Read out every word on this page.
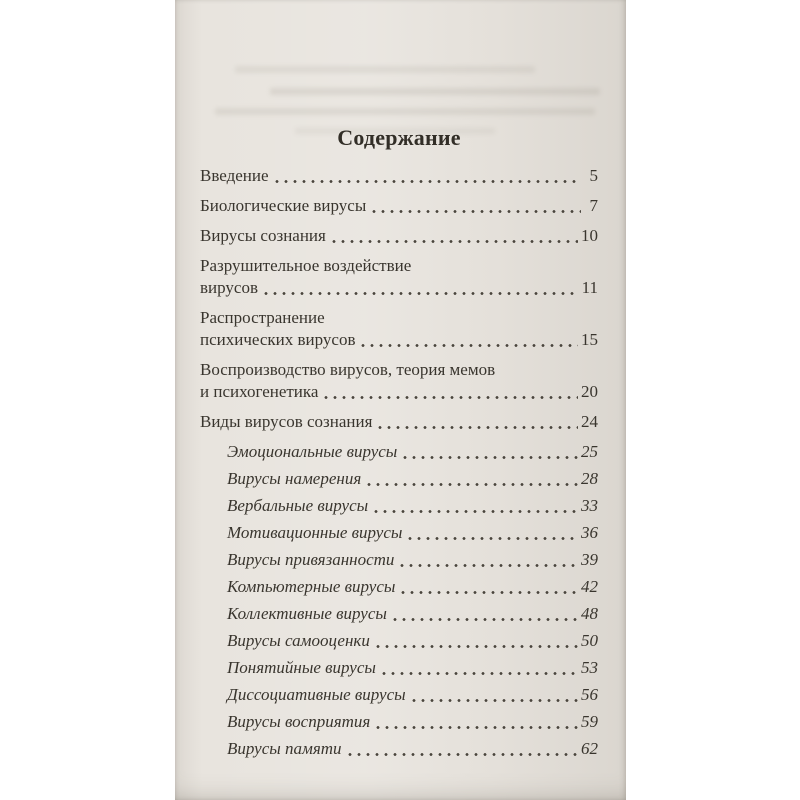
Содержание
Введение	5
Биологические вирусы	7
Вирусы сознания	10
Разрушительное воздействие
вирусов	11
Распространение
психических вирусов	15
Воспроизводство вирусов, теория мемов
и психогенетика	20
Виды вирусов сознания	24
Эмоциональные вирусы	25
Вирусы намерения	28
Вербальные вирусы	33
Мотивационные вирусы	36
Вирусы привязанности	39
Компьютерные вирусы	42
Коллективные вирусы	48
Вирусы самооценки	50
Понятийные вирусы	53
Диссоциативные вирусы	56
Вирусы восприятия	59
Вирусы памяти	62
